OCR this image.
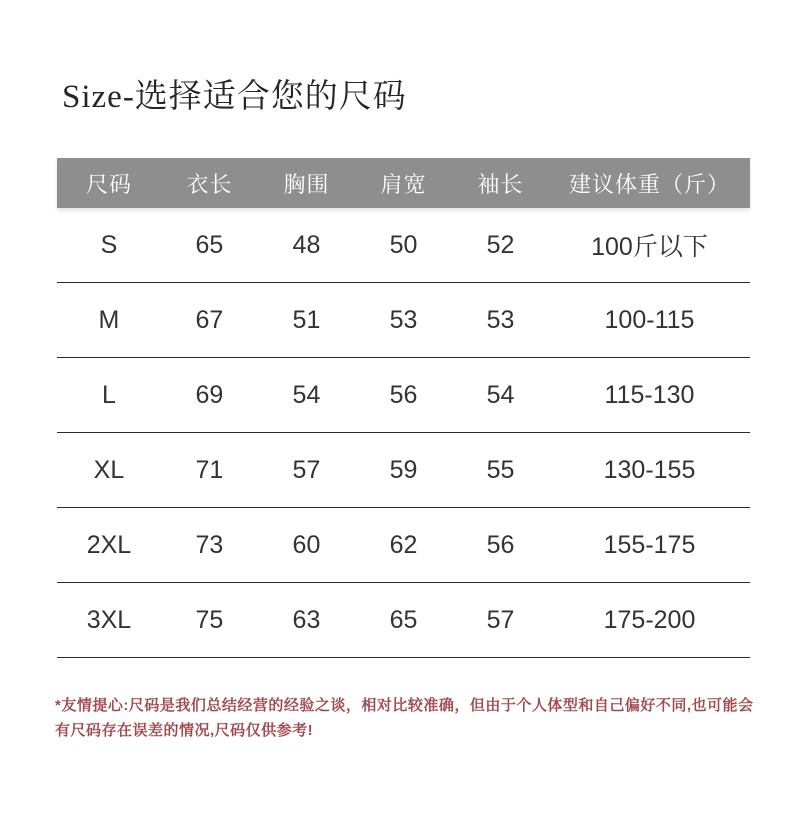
Size-选择适合您的尺码
尺码	衣长	胸围	肩宽	袖长	建议体重（斤）
S	65	48	50	52	100斤以下
M	67	51	53	53	100-115
L	69	54	56	54	115-130
XL	71	57	59	55	130-155
2XL	73	60	62	56	155-175
3XL	75	63	65	57	175-200

*友情提心:尺码是我们总结经营的经验之谈，相对比较准确，但由于个人体型和自己偏好不同,也可能会有尺码存在误差的情况,尺码仅供参考!
